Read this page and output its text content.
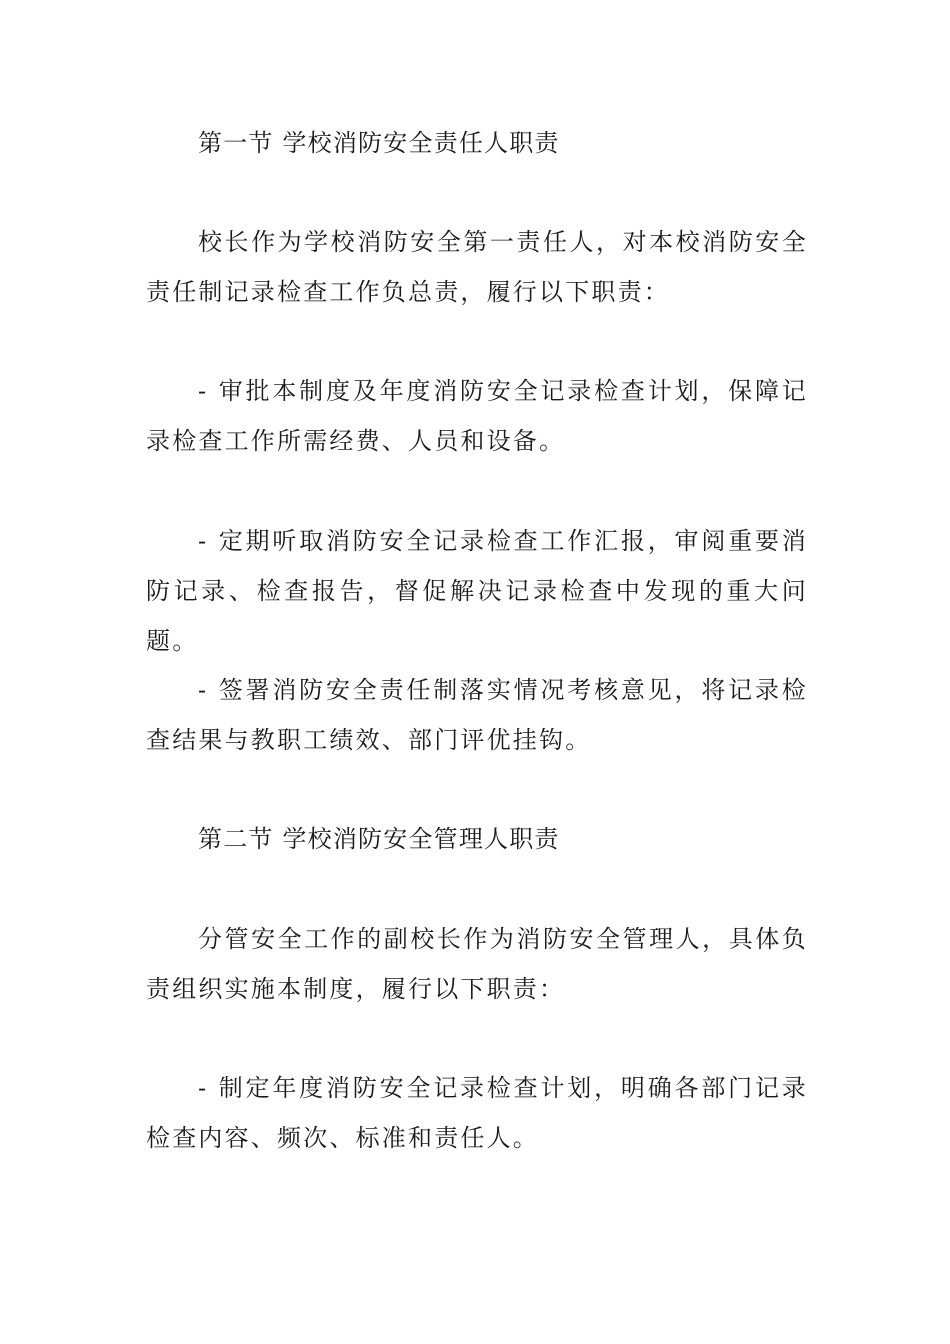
第一节 学校消防安全责任人职责

校长作为学校消防安全第一责任人，对本校消防安全责任制记录检查工作负总责，履行以下职责：

- 审批本制度及年度消防安全记录检查计划，保障记录检查工作所需经费、人员和设备。

- 定期听取消防安全记录检查工作汇报，审阅重要消防记录、检查报告，督促解决记录检查中发现的重大问题。

- 签署消防安全责任制落实情况考核意见，将记录检查结果与教职工绩效、部门评优挂钩。

第二节 学校消防安全管理人职责

分管安全工作的副校长作为消防安全管理人，具体负责组织实施本制度，履行以下职责：

- 制定年度消防安全记录检查计划，明确各部门记录检查内容、频次、标准和责任人。
